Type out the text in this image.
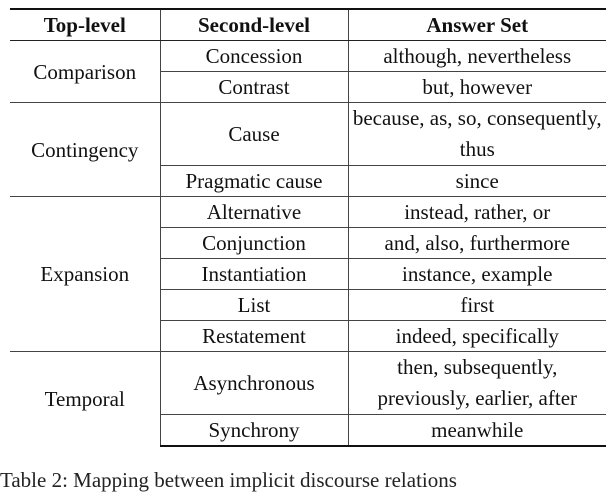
Top-level	Second-level	Answer Set
Comparison	Concession	although, nevertheless
	Contrast	but, however
Contingency	Cause	because, as, so, consequently, thus
	Pragmatic cause	since
Expansion	Alternative	instead, rather, or
	Conjunction	and, also, furthermore
	Instantiation	instance, example
	List	first
	Restatement	indeed, specifically
Temporal	Asynchronous	then, subsequently, previously, earlier, after
	Synchrony	meanwhile
Table 2: Mapping between implicit discourse relations
